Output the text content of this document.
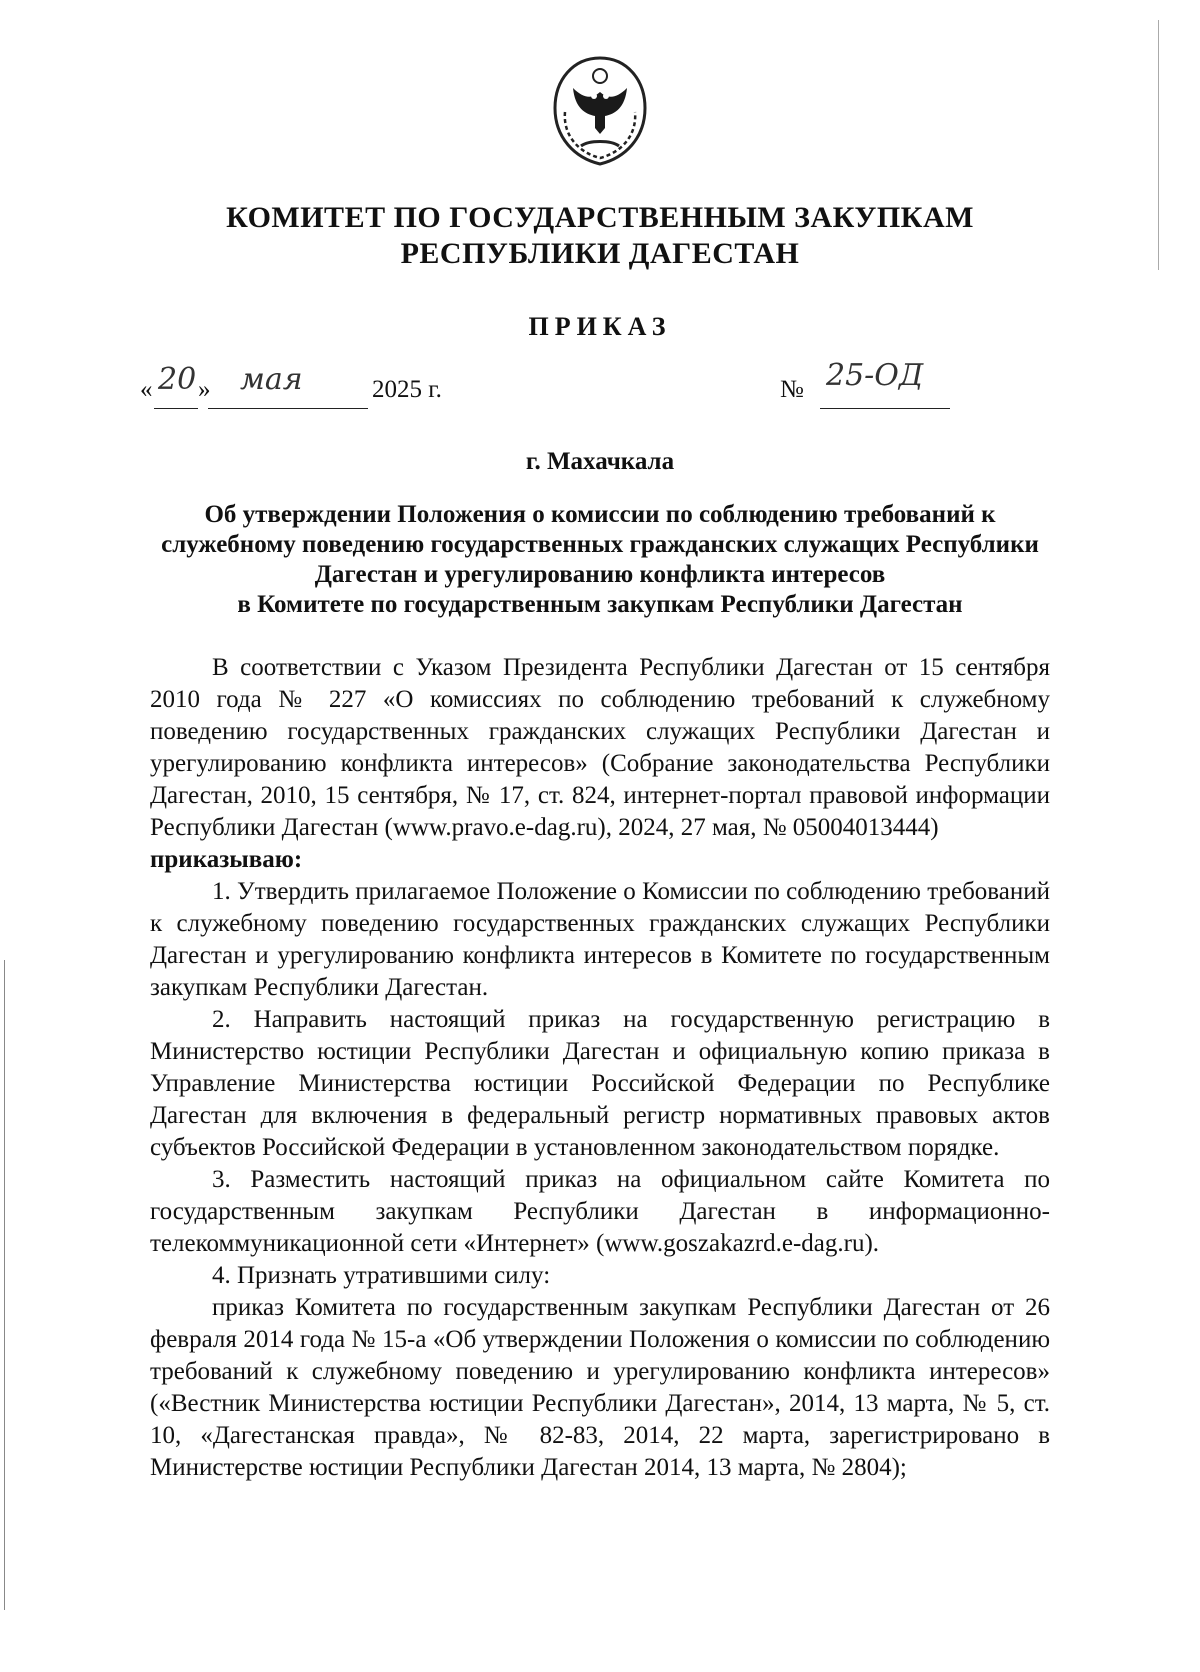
КОМИТЕТ ПО ГОСУДАРСТВЕННЫМ ЗАКУПКАМ
РЕСПУБЛИКИ ДАГЕСТАН
ПРИКАЗ
« 20 » мая	2025 г.	№ 25-ОД
г. Махачкала
Об утверждении Положения о комиссии по соблюдению требований к
служебному поведению государственных гражданских служащих Республики
Дагестан и урегулированию конфликта интересов
в Комитете по государственным закупкам Республики Дагестан

В соответствии с Указом Президента Республики Дагестан от 15 сентября 2010 года № 227 «О комиссиях по соблюдению требований к служебному поведению государственных гражданских служащих Республики Дагестан и урегулированию конфликта интересов» (Собрание законодательства Республики Дагестан, 2010, 15 сентября, № 17, ст. 824, интернет-портал правовой информации Республики Дагестан (www.pravo.e-dag.ru), 2024, 27 мая, № 05004013444)

приказываю:

1. Утвердить прилагаемое Положение о Комиссии по соблюдению требований к служебному поведению государственных гражданских служащих Республики Дагестан и урегулированию конфликта интересов в Комитете по государственным закупкам Республики Дагестан.

2. Направить настоящий приказ на государственную регистрацию в Министерство юстиции Республики Дагестан и официальную копию приказа в Управление Министерства юстиции Российской Федерации по Республике Дагестан для включения в федеральный регистр нормативных правовых актов субъектов Российской Федерации в установленном законодательством порядке.

3. Разместить настоящий приказ на официальном сайте Комитета по государственным закупкам Республики Дагестан в информационно-телекоммуникационной сети «Интернет» (www.goszakazrd.e-dag.ru).

4. Признать утратившими силу:

приказ Комитета по государственным закупкам Республики Дагестан от 26 февраля 2014 года № 15-а «Об утверждении Положения о комиссии по соблюдению требований к служебному поведению и урегулированию конфликта интересов» («Вестник Министерства юстиции Республики Дагестан», 2014, 13 марта, № 5, ст. 10, «Дагестанская правда», № 82-83, 2014, 22 марта, зарегистрировано в Министерстве юстиции Республики Дагестан 2014, 13 марта, № 2804);
